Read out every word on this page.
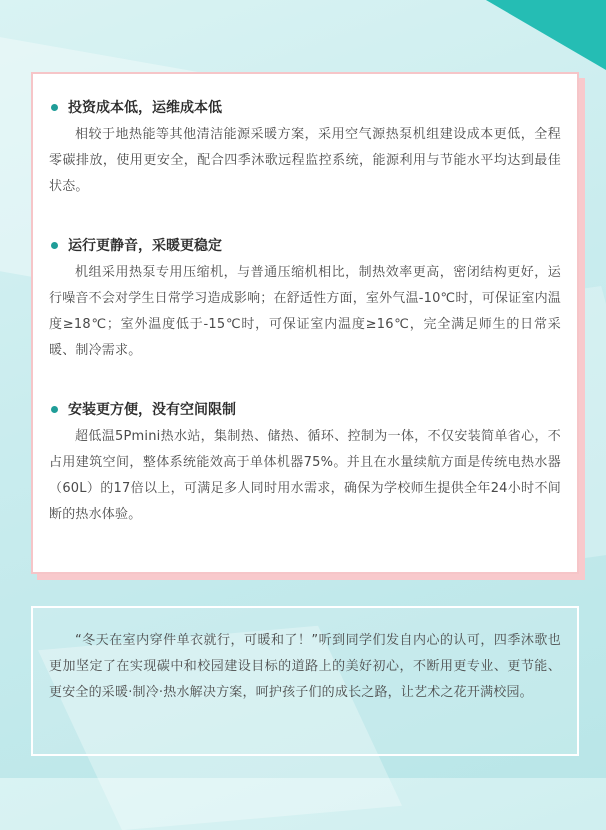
投资成本低，运维成本低

相较于地热能等其他清洁能源采暖方案，采用空气源热泵机组建设成本更低，全程零碳排放，使用更安全，配合四季沐歌远程监控系统，能源利用与节能水平均达到最佳状态。

运行更静音，采暖更稳定

机组采用热泵专用压缩机，与普通压缩机相比，制热效率更高，密闭结构更好，运行噪音不会对学生日常学习造成影响；在舒适性方面，室外气温-10℃时，可保证室内温度≥18℃；室外温度低于-15℃时，可保证室内温度≥16℃，完全满足师生的日常采暖、制冷需求。

安装更方便，没有空间限制

超低温5Pmini热水站，集制热、储热、循环、控制为一体，不仅安装简单省心，不占用建筑空间，整体系统能效高于单体机器75%。并且在水量续航方面是传统电热水器（60L）的17倍以上，可满足多人同时用水需求，确保为学校师生提供全年24小时不间断的热水体验。

“冬天在室内穿件单衣就行，可暖和了！”听到同学们发自内心的认可，四季沐歌也更加坚定了在实现碳中和校园建设目标的道路上的美好初心，不断用更专业、更节能、更安全的采暖·制冷·热水解决方案，呵护孩子们的成长之路，让艺术之花开满校园。
